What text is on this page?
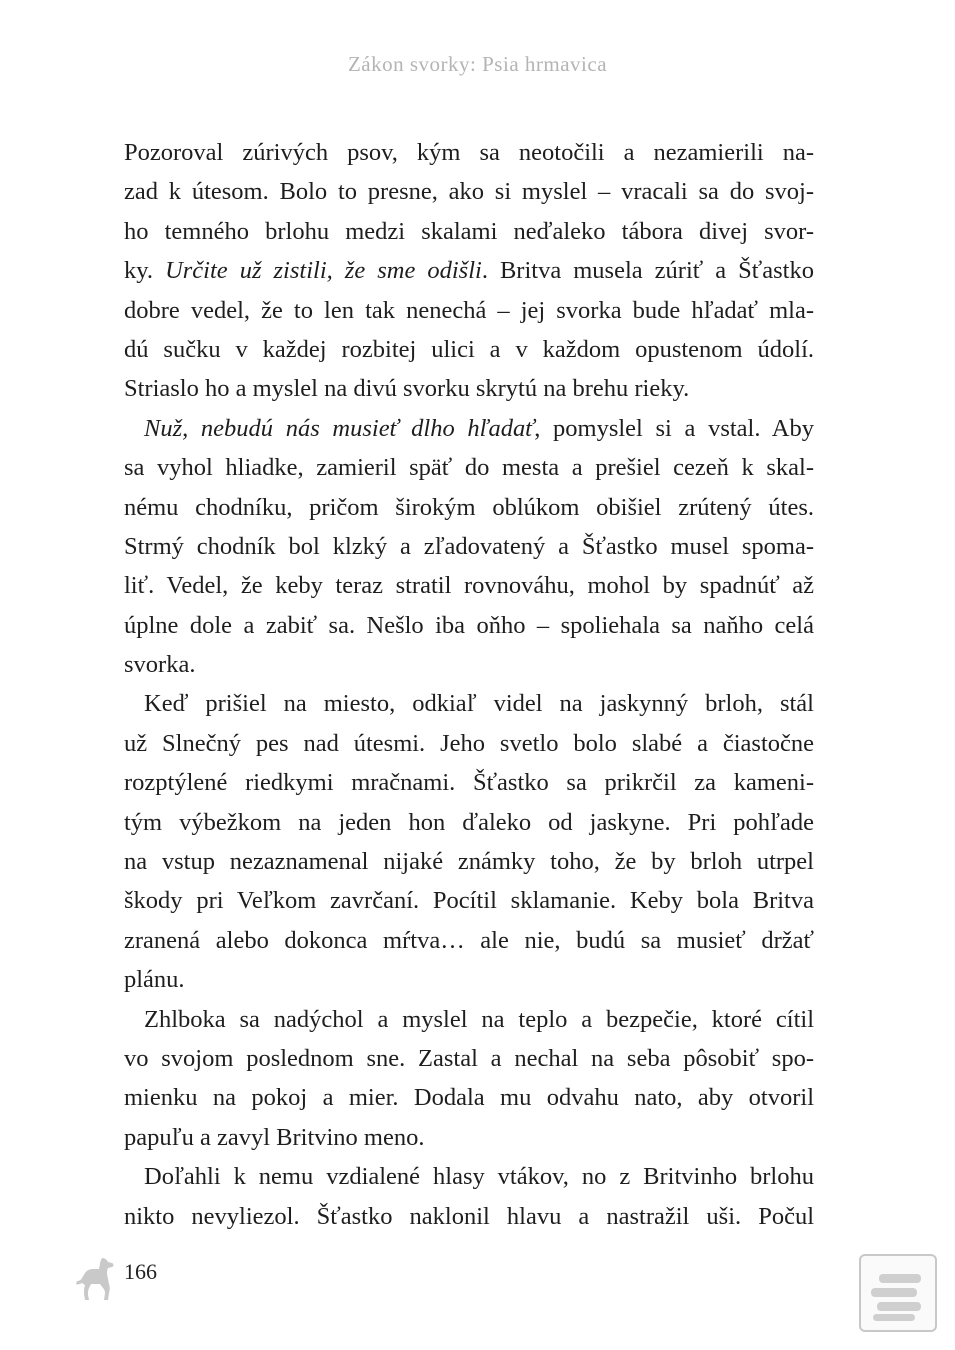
Zákon svorky: Psia hrmavica
Pozoroval zúrivých psov, kým sa neotočili a nezamierili na-
zad k útesom. Bolo to presne, ako si myslel – vracali sa do svoj-
ho temného brlohu medzi skalami neďaleko tábora divej svor-
ky. Určite už zistili, že sme odišli. Britva musela zúriť a Šťastko
dobre vedel, že to len tak nenechá – jej svorka bude hľadať mla-
dú sučku v každej rozbitej ulici a v každom opustenom údolí.
Striaslo ho a myslel na divú svorku skrytú na brehu rieky.
Nuž, nebudú nás musieť dlho hľadať, pomyslel si a vstal. Aby
sa vyhol hliadke, zamieril späť do mesta a prešiel cezeň k skal-
nému chodníku, pričom širokým oblúkom obišiel zrútený útes.
Strmý chodník bol klzký a zľadovatený a Šťastko musel spoma-
liť. Vedel, že keby teraz stratil rovnováhu, mohol by spadnúť až
úplne dole a zabiť sa. Nešlo iba oňho – spoliehala sa naňho celá
svorka.
Keď prišiel na miesto, odkiaľ videl na jaskynný brloh, stál
už Slnečný pes nad útesmi. Jeho svetlo bolo slabé a čiastočne
rozptýlené riedkymi mračnami. Šťastko sa prikrčil za kameni-
tým výbežkom na jeden hon ďaleko od jaskyne. Pri pohľade
na vstup nezaznamenal nijaké známky toho, že by brloh utrpel
škody pri Veľkom zavrčaní. Pocítil sklamanie. Keby bola Britva
zranená alebo dokonca mŕtva… ale nie, budú sa musieť držať
plánu.
Zhlboka sa nadýchol a myslel na teplo a bezpečie, ktoré cítil
vo svojom poslednom sne. Zastal a nechal na seba pôsobiť spo-
mienku na pokoj a mier. Dodala mu odvahu nato, aby otvoril
papuľu a zavyl Britvino meno.
Doľahli k nemu vzdialené hlasy vtákov, no z Britvinho brlohu
nikto nevyliezol. Šťastko naklonil hlavu a nastražil uši. Počul
166
